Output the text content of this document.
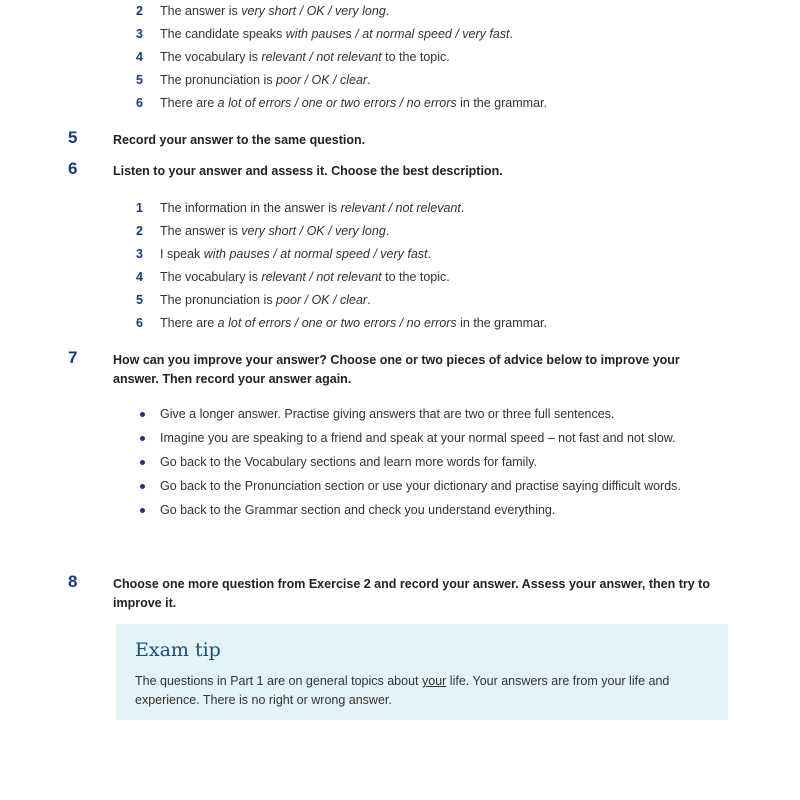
2	The answer is very short / OK / very long.
3	The candidate speaks with pauses / at normal speed / very fast.
4	The vocabulary is relevant / not relevant to the topic.
5	The pronunciation is poor / OK / clear.
6	There are a lot of errors / one or two errors / no errors in the grammar.
5	Record your answer to the same question.
6	Listen to your answer and assess it. Choose the best description.
1	The information in the answer is relevant / not relevant.
2	The answer is very short / OK / very long.
3	I speak with pauses / at normal speed / very fast.
4	The vocabulary is relevant / not relevant to the topic.
5	The pronunciation is poor / OK / clear.
6	There are a lot of errors / one or two errors / no errors in the grammar.
7	How can you improve your answer? Choose one or two pieces of advice below to improve your answer. Then record your answer again.
Give a longer answer. Practise giving answers that are two or three full sentences.
Imagine you are speaking to a friend and speak at your normal speed – not fast and not slow.
Go back to the Vocabulary sections and learn more words for family.
Go back to the Pronunciation section or use your dictionary and practise saying difficult words.
Go back to the Grammar section and check you understand everything.
8	Choose one more question from Exercise 2 and record your answer. Assess your answer, then try to improve it.
Exam tip
The questions in Part 1 are on general topics about your life. Your answers are from your life and experience. There is no right or wrong answer.
